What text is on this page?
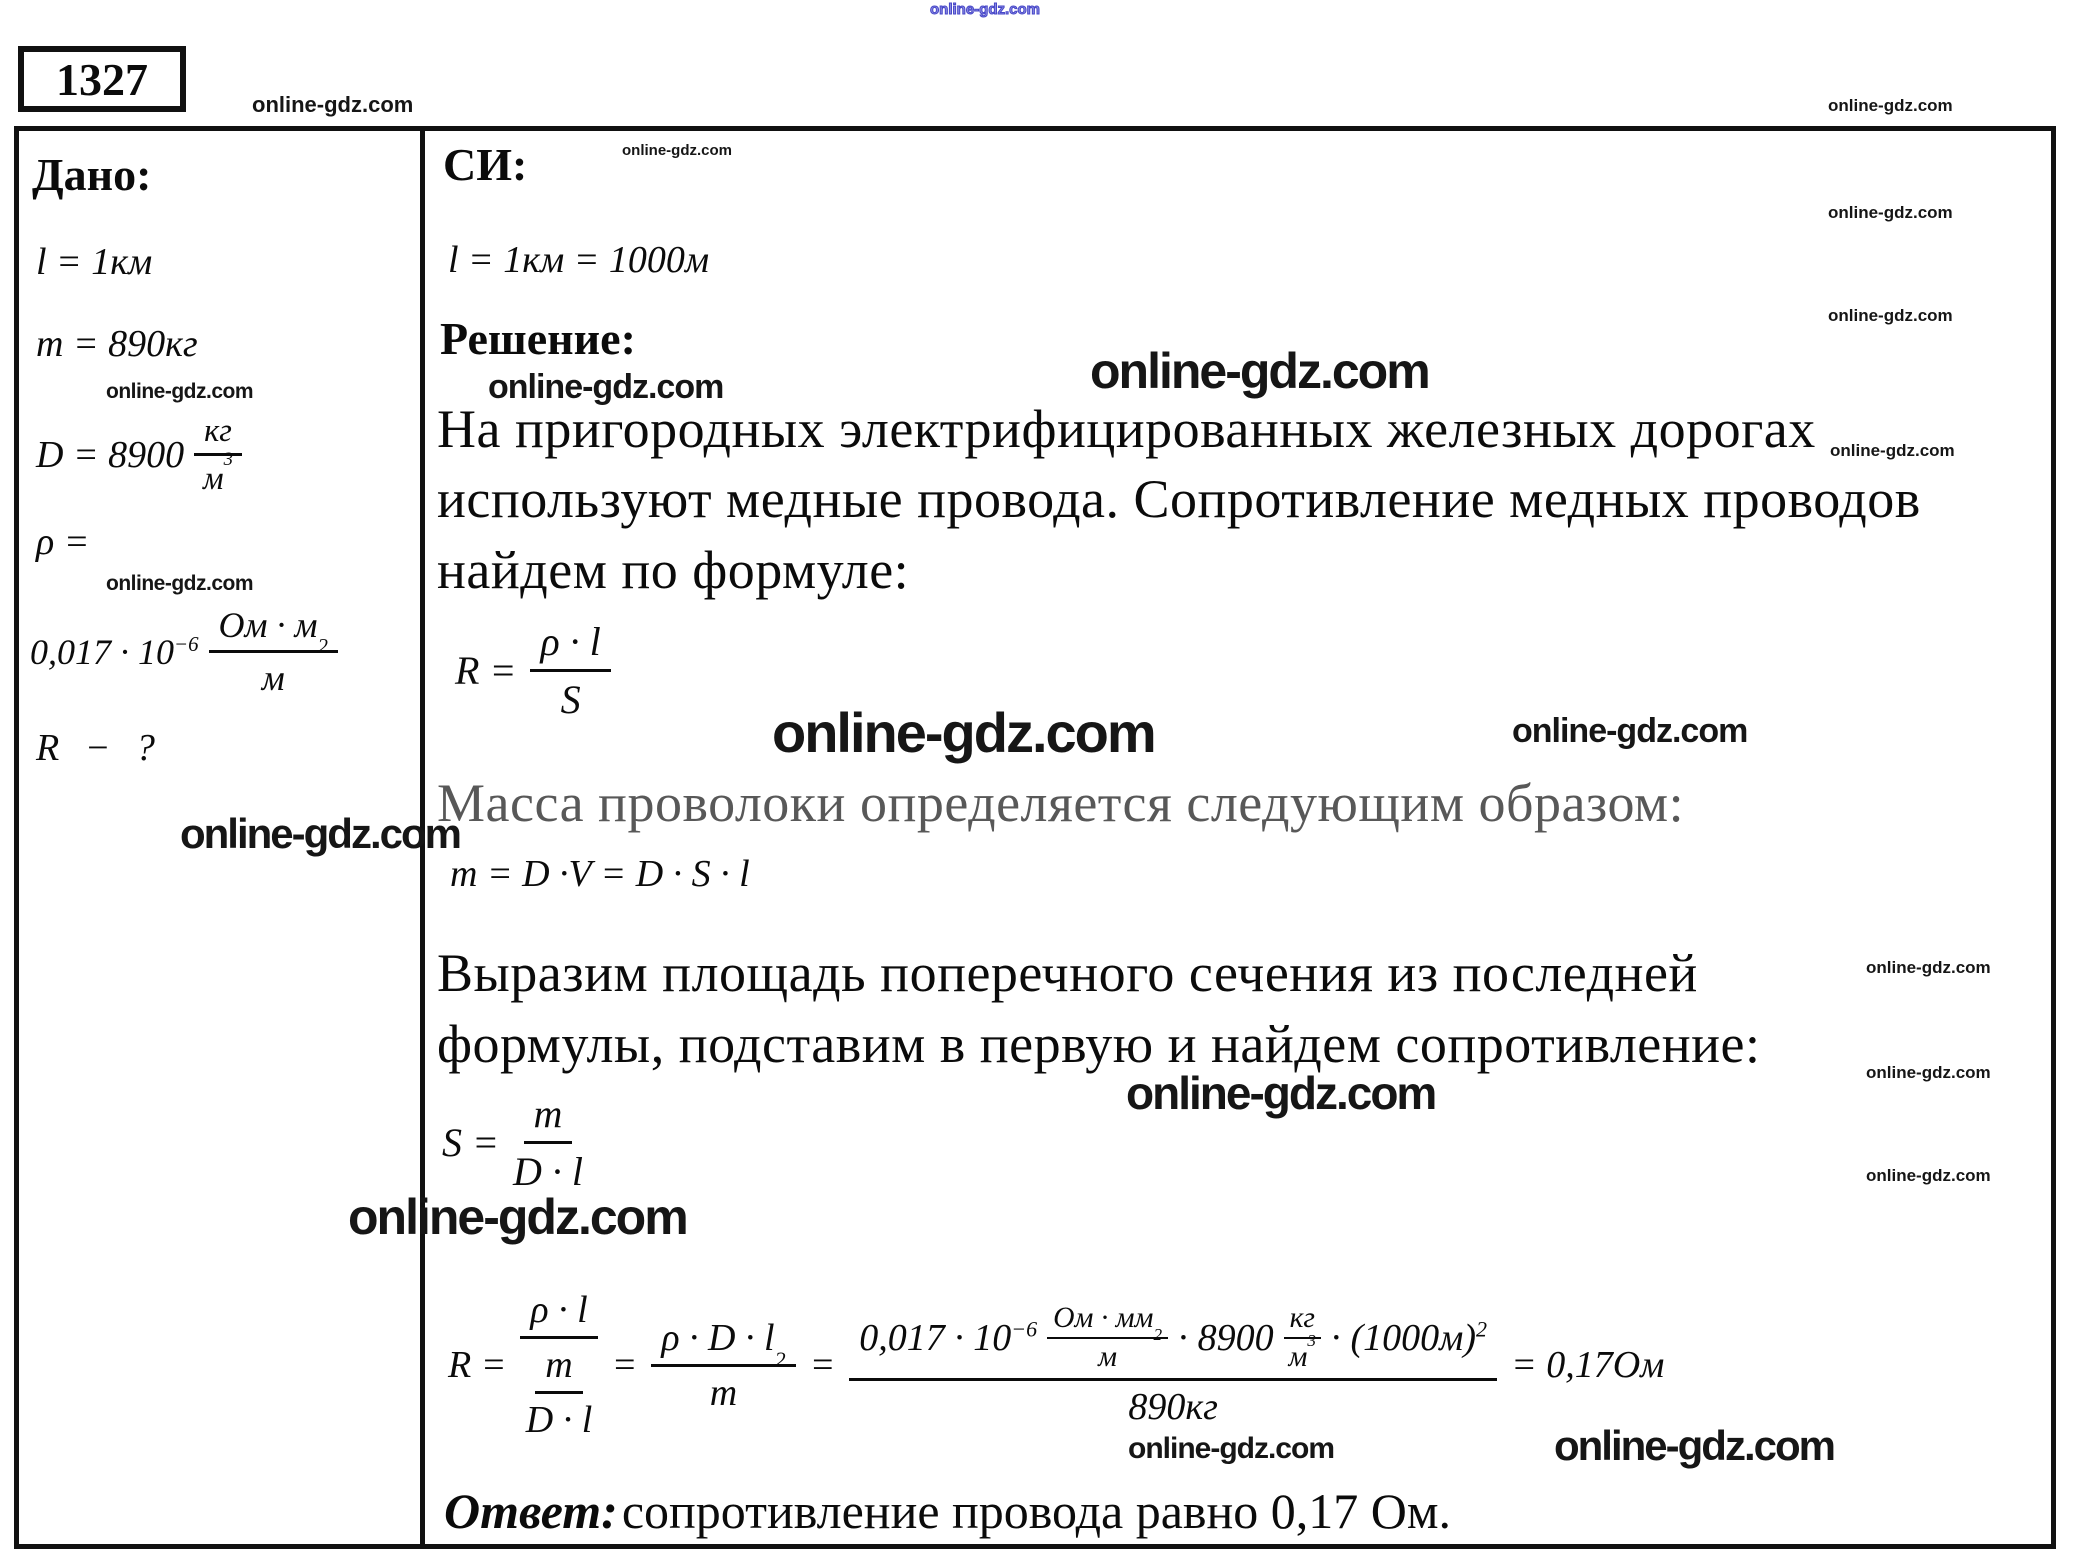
online-gdz.com
online-gdz.com	online-gdz.com
1327
Дано:
l = 1км
m = 890кг
online-gdz.com
D = 8900 кг
м
3
ρ =
online-gdz.com
$0,017 \cdot 10^{-6}$ Ом · м
2
м
R − ?
online-gdz.com
СИ:	online-gdz.com
l = 1км = 1000м
online-gdz.com
online-gdz.com
Решение:
online-gdz.com	online-gdz.com
На пригородных электрифицированных железных дорогах
используют медные провода. Сопротивление медных проводов
найдем по формуле:
online-gdz.com
$R = \frac{\rho \cdot l}{S}$
online-gdz.com	online-gdz.com
Масса проволоки определяется следующим образом:
m = D ·V = D · S · l
Выразим площадь поперечного сечения из последней
формулы, подставим в первую и найдем сопротивление:
online-gdz.com
online-gdz.com
online-gdz.com
online-gdz.com
$S = \frac{m}{D \cdot l}$
online-gdz.com
$R = \frac{\rho \cdot l}{\frac{m}{D \cdot l}} = \rho \cdot D \cdot l$
2
$m = 0,017 \cdot 10^{-6}$ Ом · мм
2
м · 8900 кг
м
$3 \cdot (1000м)^2$
890кг = 0,17Ом
online-gdz.com	online-gdz.com
Ответ: сопротивление провода равно 0,17 Ом.
